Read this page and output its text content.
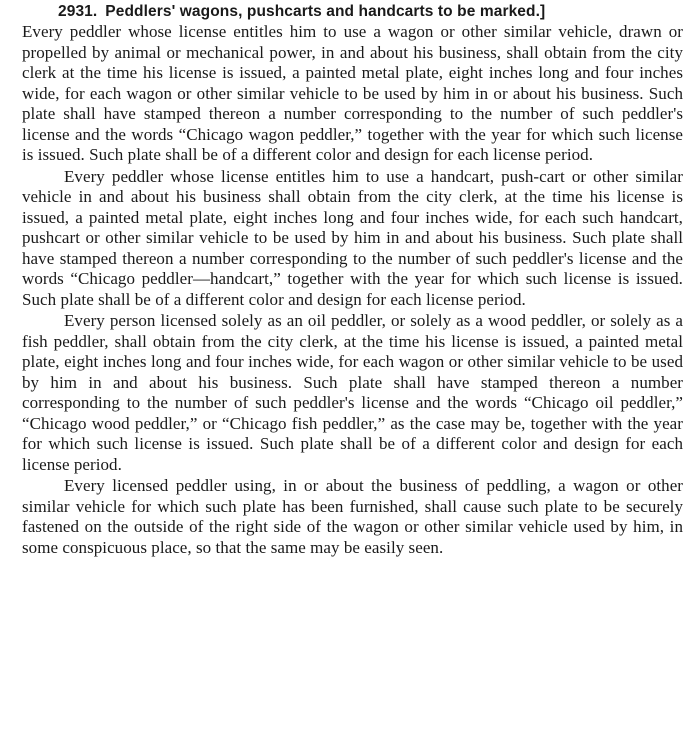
2931. Peddlers' wagons, pushcarts and handcarts to be marked.]

Every peddler whose license entitles him to use a wagon or other similar vehicle, drawn or propelled by animal or mechanical power, in and about his business, shall obtain from the city clerk at the time his license is issued, a painted metal plate, eight inches long and four inches wide, for each wagon or other similar vehicle to be used by him in or about his business. Such plate shall have stamped thereon a number corresponding to the number of such peddler's license and the words “Chicago wagon peddler,” together with the year for which such license is issued. Such plate shall be of a different color and design for each license period.

Every peddler whose license entitles him to use a handcart, push-cart or other similar vehicle in and about his business shall obtain from the city clerk, at the time his license is issued, a painted metal plate, eight inches long and four inches wide, for each such handcart, pushcart or other similar vehicle to be used by him in and about his business. Such plate shall have stamped thereon a number corresponding to the number of such peddler's license and the words “Chicago peddler—handcart,” together with the year for which such license is issued. Such plate shall be of a different color and design for each license period.

Every person licensed solely as an oil peddler, or solely as a wood peddler, or solely as a fish peddler, shall obtain from the city clerk, at the time his license is issued, a painted metal plate, eight inches long and four inches wide, for each wagon or other similar vehicle to be used by him in and about his business. Such plate shall have stamped thereon a number corresponding to the number of such peddler's license and the words “Chicago oil peddler,” “Chicago wood peddler,” or “Chicago fish peddler,” as the case may be, together with the year for which such license is issued. Such plate shall be of a different color and design for each license period.

Every licensed peddler using, in or about the business of peddling, a wagon or other similar vehicle for which such plate has been furnished, shall cause such plate to be securely fastened on the outside of the right side of the wagon or other similar vehicle used by him, in some conspicuous place, so that the same may be easily seen.
